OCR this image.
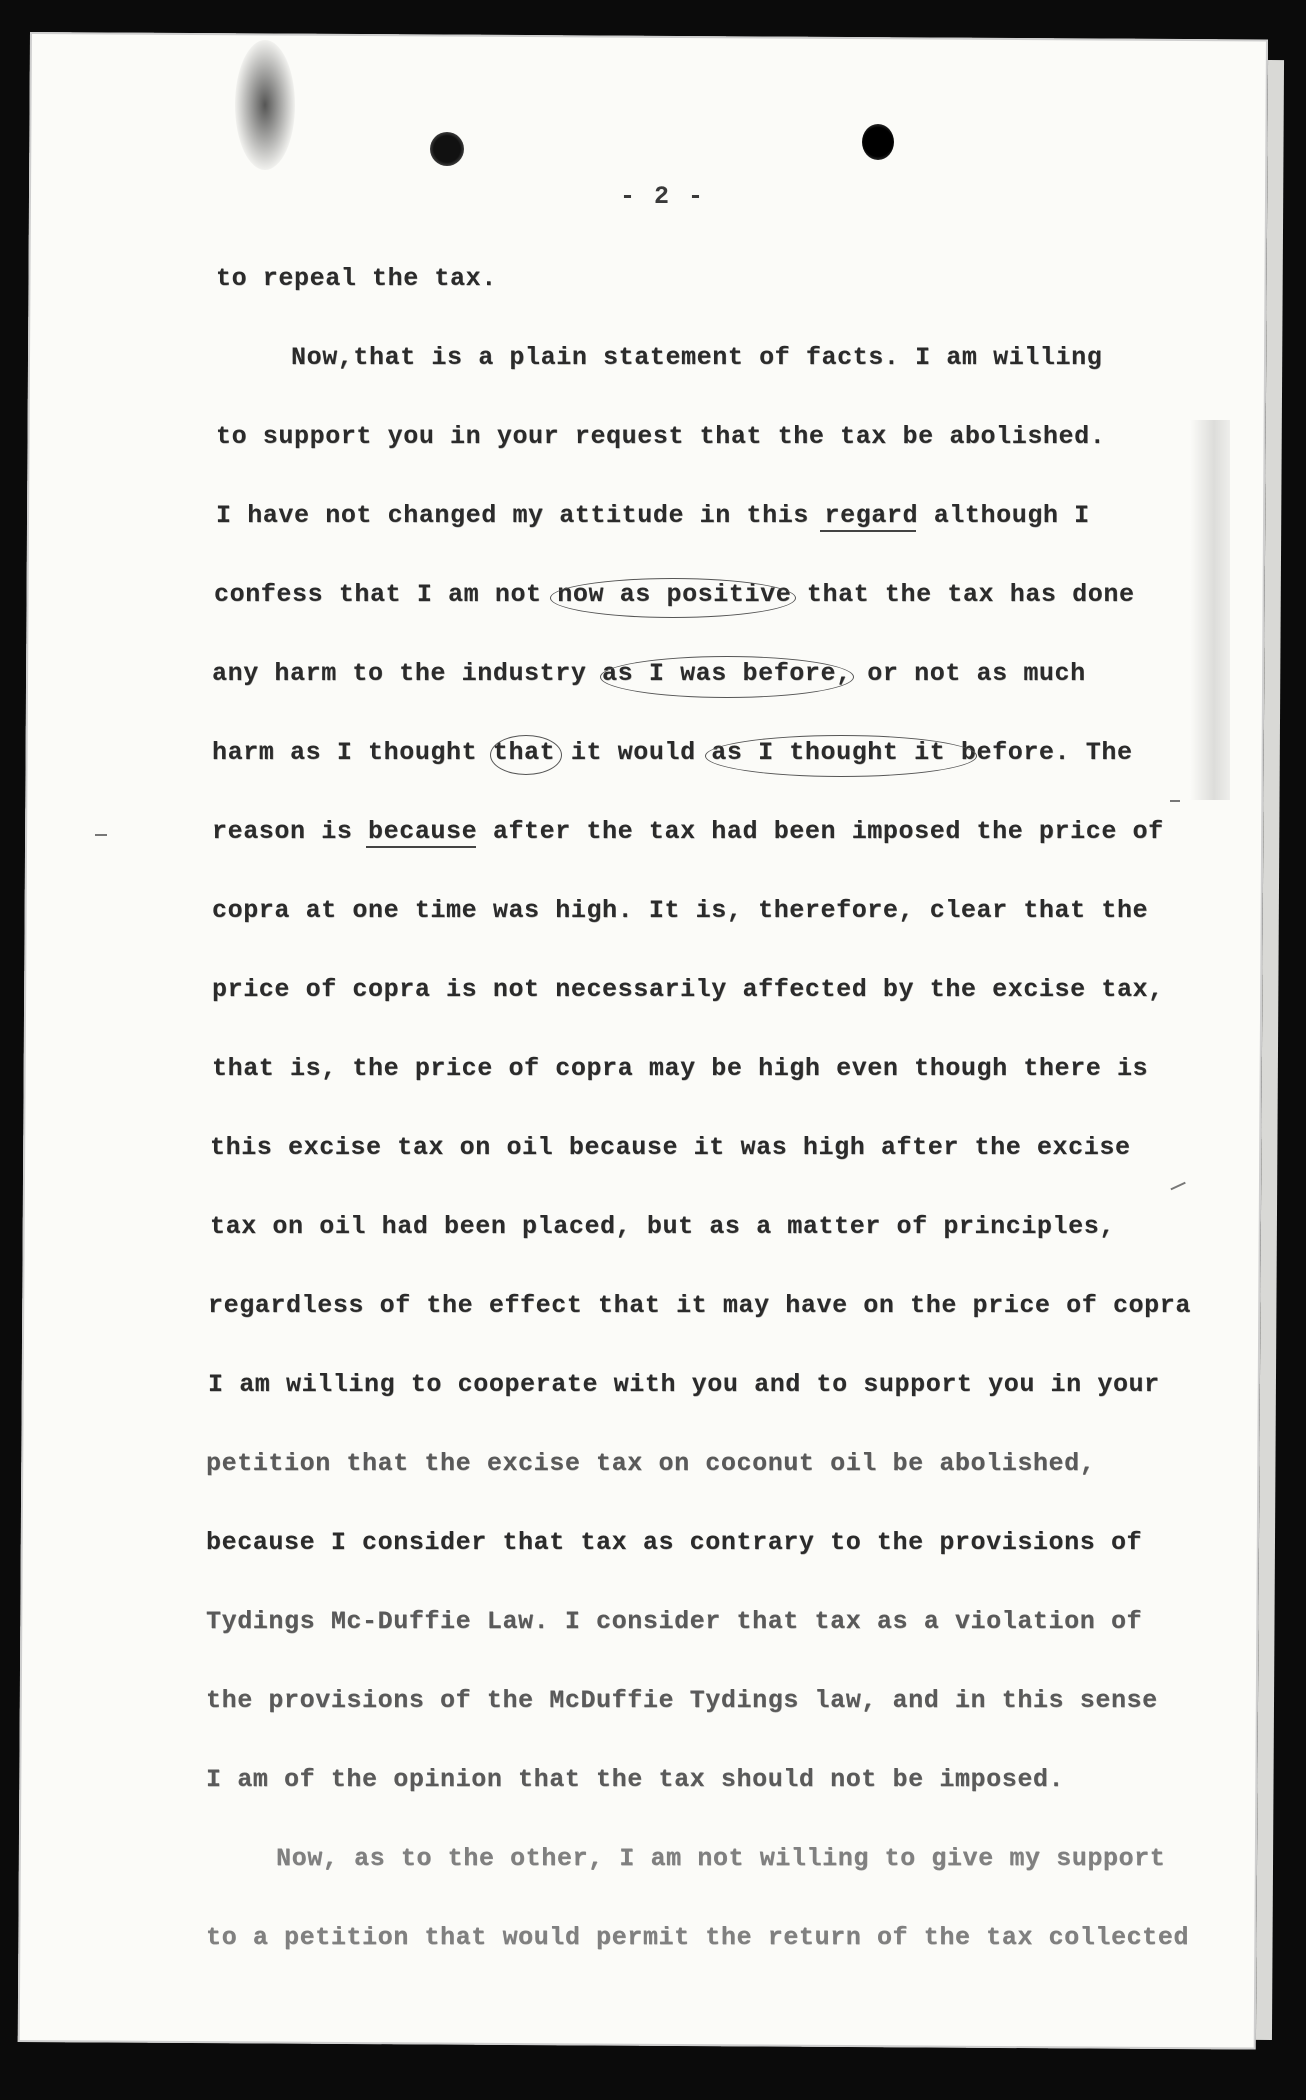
- 2 -
to repeal the tax.
Now,that is a plain statement of facts. I am willing
to support you in your request that the tax be abolished.
I have not changed my attitude in this regard although I
confess that I am not now as positive that the tax has done
any harm to the industry as I was before, or not as much
harm as I thought that it would as I thought it before. The
reason is because after the tax had been imposed the price of
copra at one time was high. It is, therefore, clear that the
price of copra is not necessarily affected by the excise tax,
that is, the price of copra may be high even though there is
this excise tax on oil because it was high after the excise
tax on oil had been placed, but as a matter of principles,
regardless of the effect that it may have on the price of copra
I am willing to cooperate with you and to support you in your
petition that the excise tax on coconut oil be abolished,
because I consider that tax as contrary to the provisions of
Tydings Mc-Duffie Law. I consider that tax as a violation of
the provisions of the McDuffie Tydings law, and in this sense
I am of the opinion that the tax should not be imposed.
Now, as to the other, I am not willing to give my support
to a petition that would permit the return of the tax collected
